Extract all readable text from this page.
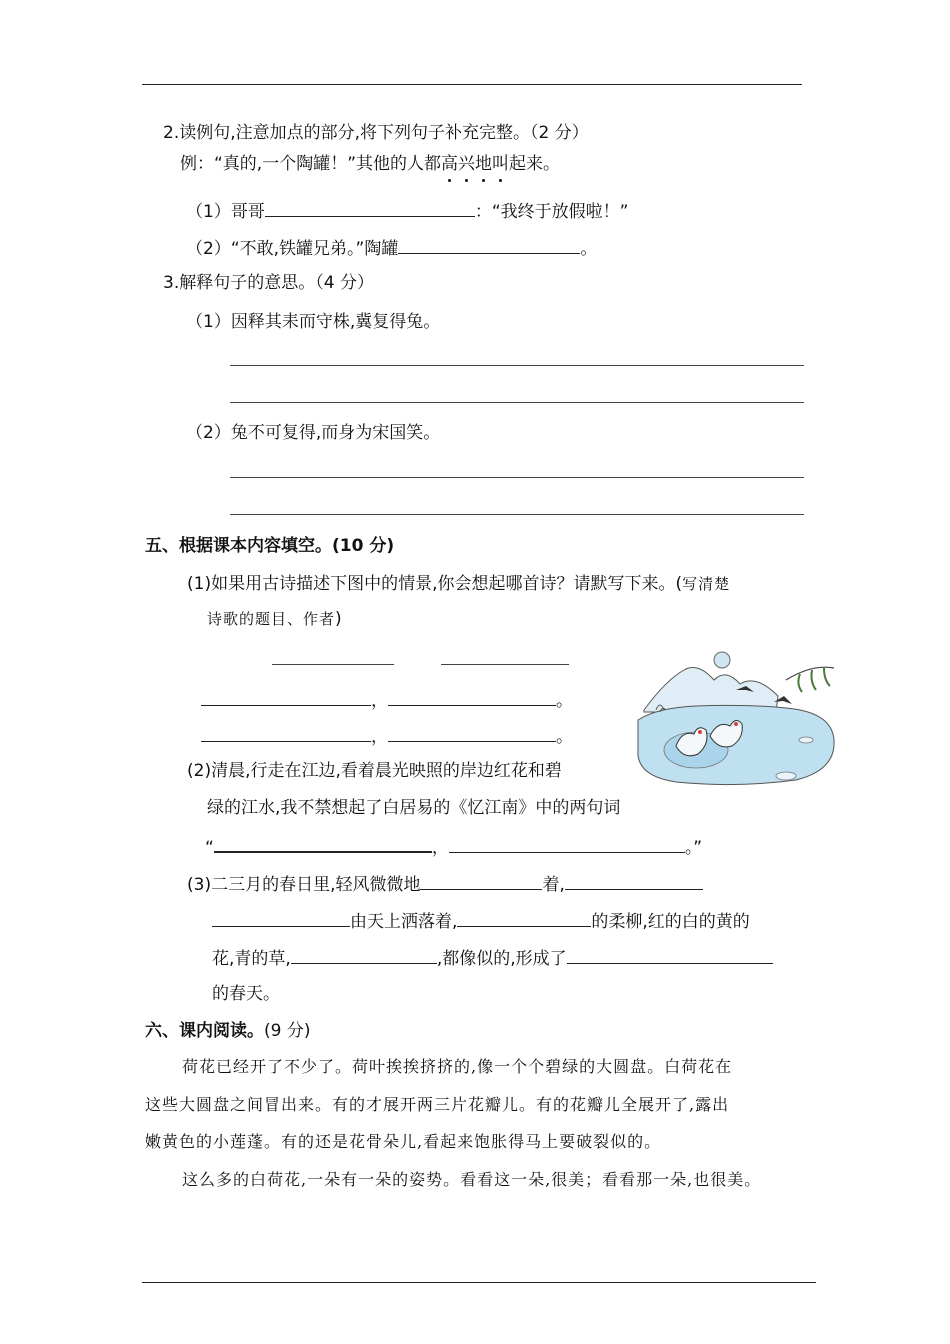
2.读例句,注意加点的部分,将下列句子补充完整。（2 分）
例：“真的,一个陶罐！”其他的人都高兴地叫起来。
（1）哥哥	：“我终于放假啦！”
（2）“不敢,铁罐兄弟。”陶罐	。
3.解释句子的意思。（4 分）
（1）因释其耒而守株,冀复得兔。
（2）兔不可复得,而身为宋国笑。
五、根据课本内容填空。(10 分)
(1)如果用古诗描述下图中的情景,你会想起哪首诗？请默写下来。(写清楚
诗歌的题目、作者)
，	。
，	。
(2)清晨,行走在江边,看着晨光映照的岸边红花和碧
绿的江水,我不禁想起了白居易的《忆江南》中的两句词
“	，	。”
(3)二三月的春日里,轻风微微地	着,
由天上洒落着,	的柔柳,红的白的黄的
花,青的草,	,都像似的,形成了
的春天。
六、课内阅读。(9 分)
荷花已经开了不少了。荷叶挨挨挤挤的,像一个个碧绿的大圆盘。白荷花在
这些大圆盘之间冒出来。有的才展开两三片花瓣儿。有的花瓣儿全展开了,露出
嫩黄色的小莲蓬。有的还是花骨朵儿,看起来饱胀得马上要破裂似的。
这么多的白荷花,一朵有一朵的姿势。看看这一朵,很美；看看那一朵,也很美。
